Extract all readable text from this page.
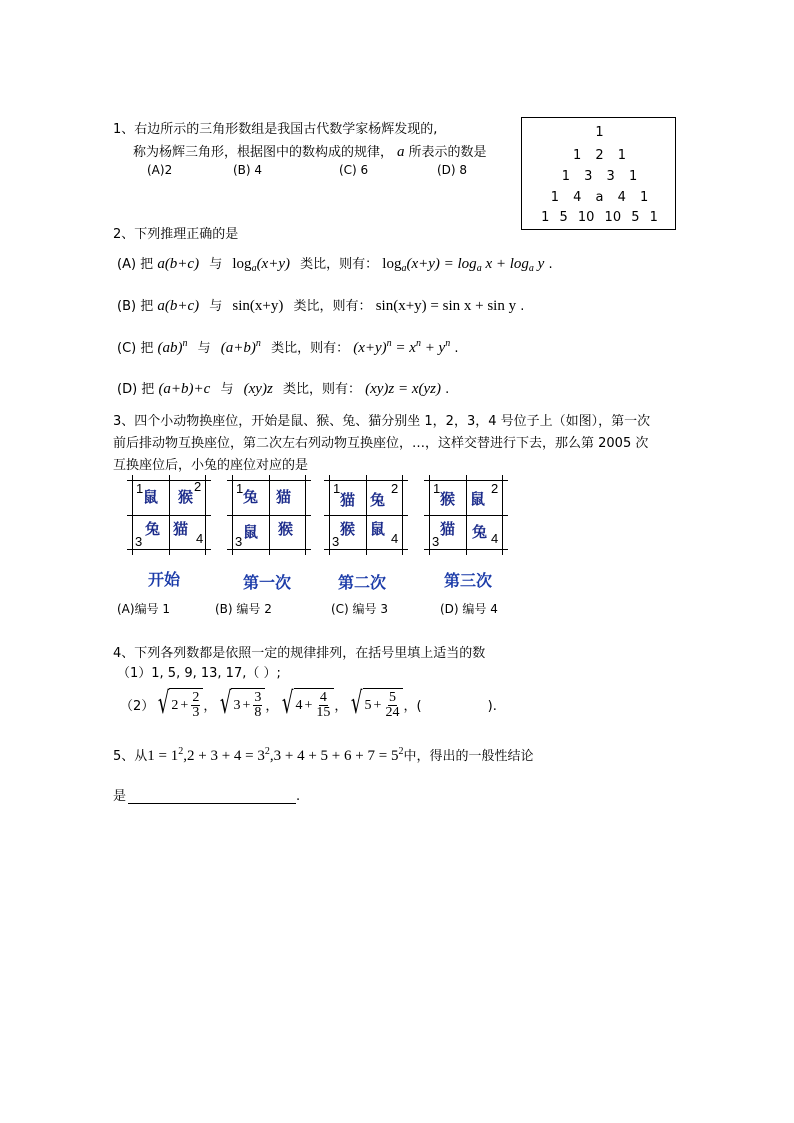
1、右边所示的三角形数组是我国古代数学家杨辉发现的,
称为杨辉三角形，根据图中的数构成的规律， a 所表示的数是
(A)2	(B) 4	(C) 6	(D) 8
1
1 2 1
1 3 3 1
1 4 a 4 1
1 5 10 10 5 1
2、下列推理正确的是
(A) 把 a(b+c) 与 $\log_a(x+y)$ 类比，则有： $\log_a(x+y) = \log_a x + \log_a y$ .
(B) 把 a(b+c) 与 sin(x+y) 类比，则有： sin(x+y) = sin x + sin y .
(C) 把 (ab)$^n$ 与 $(a+b)^n$ 类比，则有： $(x+y)^n = x^n + y^n$ .
(D) 把 (a+b)+c 与 (xy)z 类比，则有： (xy)z = x(yz) .
3、四个小动物换座位，开始是鼠、猴、兔、猫分别坐 1，2，3，4 号位子上（如图），第一次
前后排动物互换座位，第二次左右列动物互换座位，…，这样交替进行下去，那么第 2005 次
互换座位后，小兔的座位对应的是
1 鼠 猴
2
3
兔 猫
4
开始
1 兔 猫
3
鼠 猴
第一次
1
猫 兔
2
3
猴 鼠
4
第二次
1
猴 鼠
2
3
猫 兔 4
第三次
(A)编号 1	(B) 编号 2	(C) 编号 3	(D) 编号 4
4、下列各列数都是依照一定的规律排列，在括号里填上适当的数
（1）1, 5, 9, 13, 17,（ ）;
（2） √ $2 + \frac{2}{3}$ ， √ $3 + \frac{3}{8}$ ， √ $4 + \frac{4}{15}$ ， √ $5 + \frac{5}{24}$ ，(                ).
5、从$1 = 1^2,2 + 3 + 4 = 3^2,3 + 4 + 5 + 6 + 7 = 5^2$中，得出的一般性结论
是	.
